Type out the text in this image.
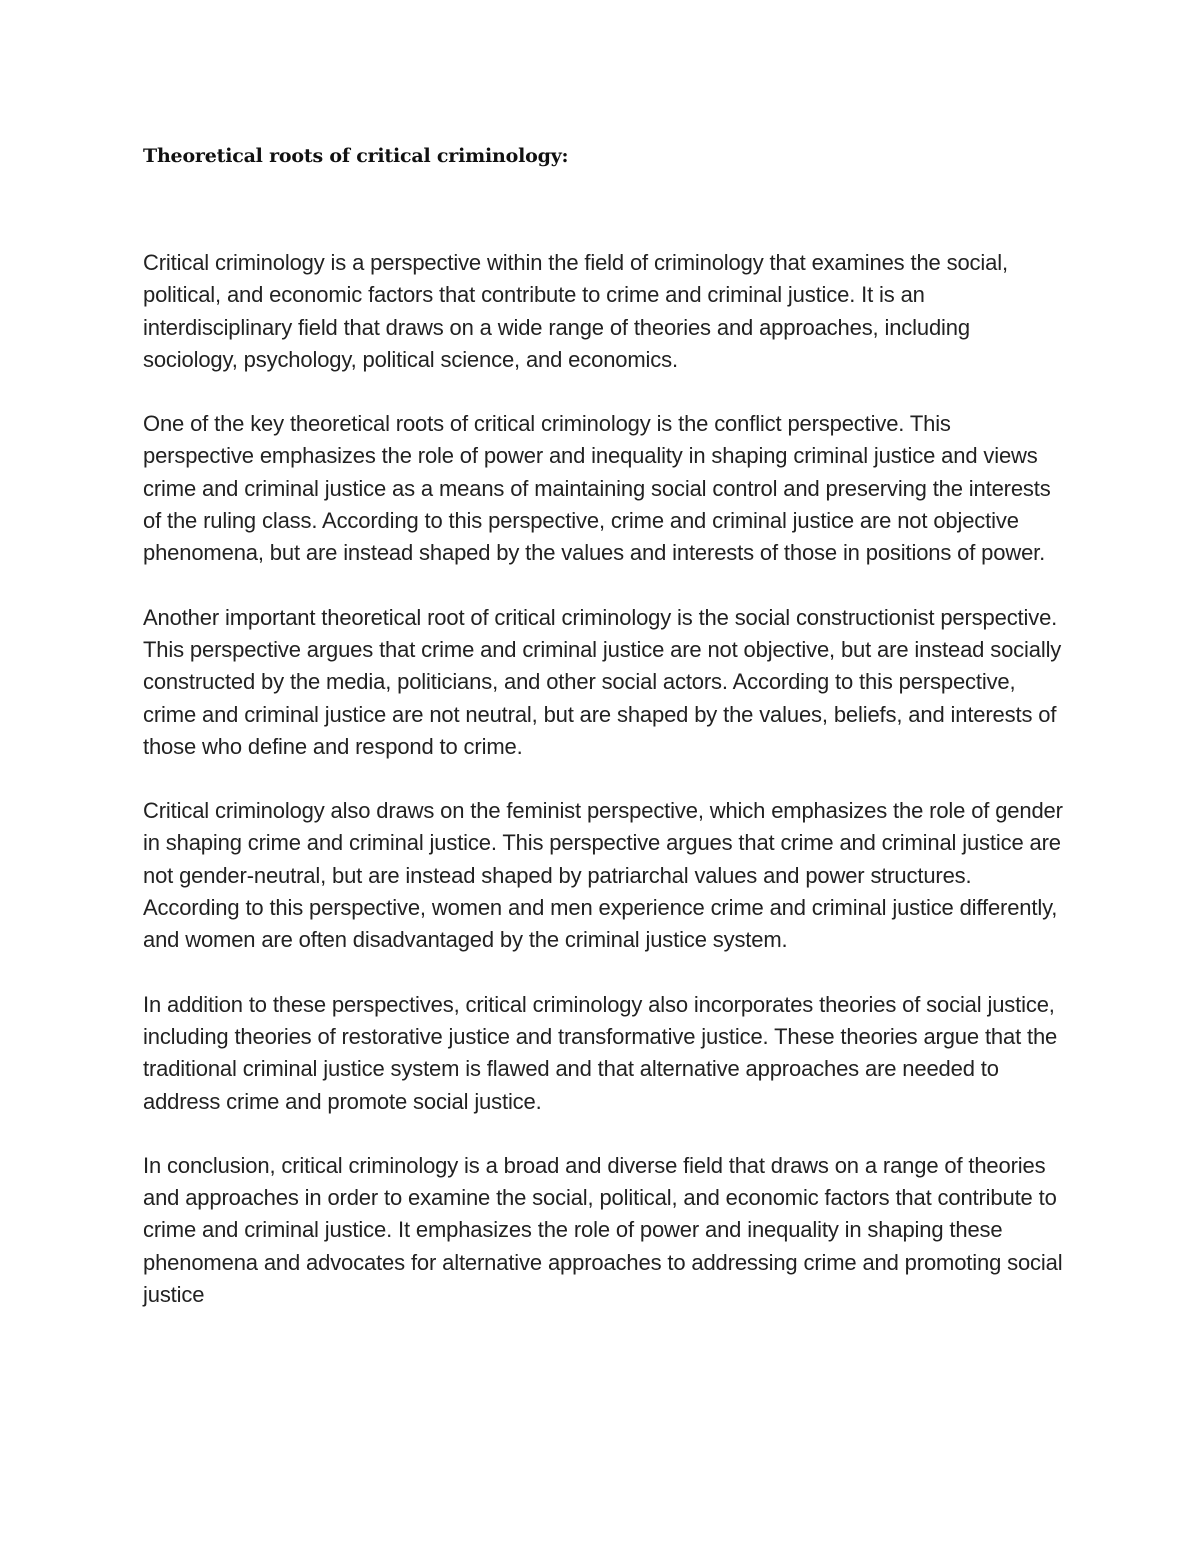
Theoretical roots of critical criminology:

Critical criminology is a perspective within the field of criminology that examines the social, political, and economic factors that contribute to crime and criminal justice. It is an interdisciplinary field that draws on a wide range of theories and approaches, including sociology, psychology, political science, and economics.

One of the key theoretical roots of critical criminology is the conflict perspective. This perspective emphasizes the role of power and inequality in shaping criminal justice and views crime and criminal justice as a means of maintaining social control and preserving the interests of the ruling class. According to this perspective, crime and criminal justice are not objective phenomena, but are instead shaped by the values and interests of those in positions of power.

Another important theoretical root of critical criminology is the social constructionist perspective. This perspective argues that crime and criminal justice are not objective, but are instead socially constructed by the media, politicians, and other social actors. According to this perspective, crime and criminal justice are not neutral, but are shaped by the values, beliefs, and interests of those who define and respond to crime.

Critical criminology also draws on the feminist perspective, which emphasizes the role of gender in shaping crime and criminal justice. This perspective argues that crime and criminal justice are not gender-neutral, but are instead shaped by patriarchal values and power structures. According to this perspective, women and men experience crime and criminal justice differently, and women are often disadvantaged by the criminal justice system.

In addition to these perspectives, critical criminology also incorporates theories of social justice, including theories of restorative justice and transformative justice. These theories argue that the traditional criminal justice system is flawed and that alternative approaches are needed to address crime and promote social justice.

In conclusion, critical criminology is a broad and diverse field that draws on a range of theories and approaches in order to examine the social, political, and economic factors that contribute to crime and criminal justice. It emphasizes the role of power and inequality in shaping these phenomena and advocates for alternative approaches to addressing crime and promoting social justice
